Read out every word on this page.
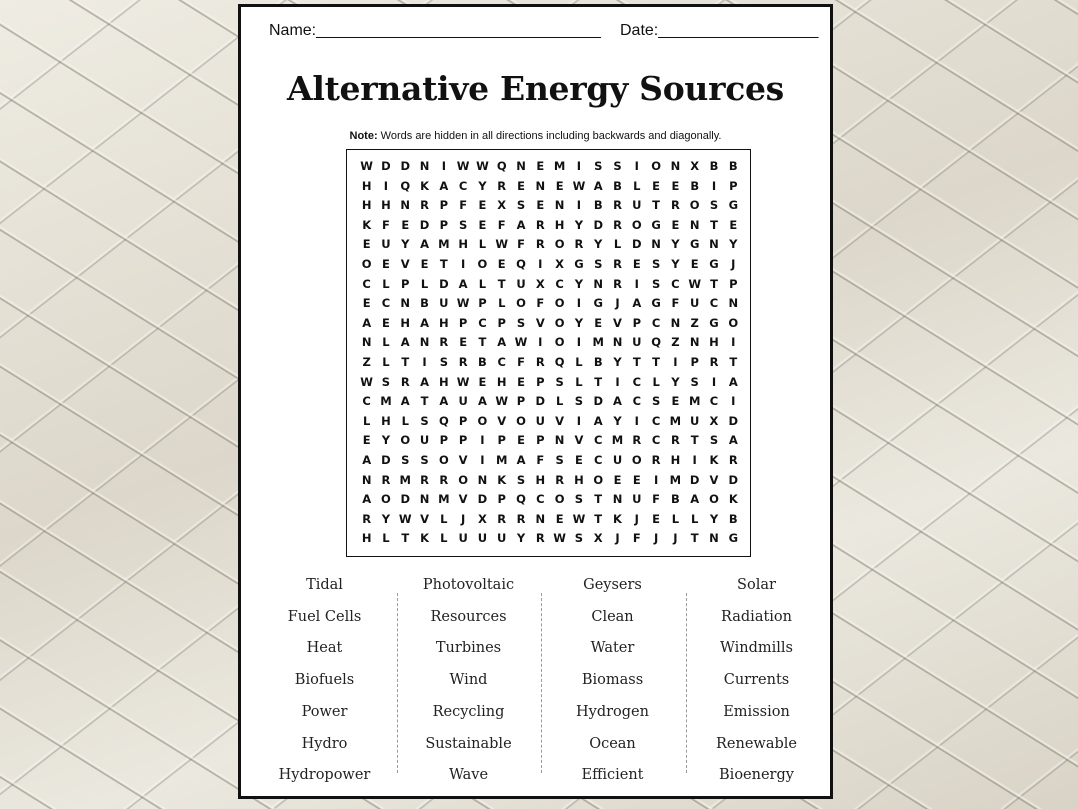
Name:________________________________ Date:__________________
Alternative Energy Sources
Note: Words are hidden in all directions including backwards and diagonally.
W D D N	I W W Q N E M I	S S	I	O N X B B
H	I	Q K A C Y R E N E W A B L	E E B	I	P
H H N R P F E X S E N	I	B R U T R O S G
K F E D P S E F A R H Y D R O G E N T E
E U Y A M H L W F R O R Y L D N Y G N Y
O E V E T	I	O E Q	I	X G S R E S Y E G	J
C L P L D A L	T U X C Y N R	I	S C W T P
E C N B U W P L O F O	I	G	J	A G F U C N
A E H A H P C P S V O Y E V P C N Z G O
N L A N R E T A W I	O	I M N U Q Z N H	I
Z L	T	I	S R B C F R Q L B Y T T	I	P R T
W S R A H W E H E P S L	T	I	C L Y S	I	A
C M A T A U A W P D L S D A C S E M C	I
L H L S Q P O V O U V	I	A Y	I	C M U X D
E Y O U P P	I	P E P N V C M R C R T S A
A D S S O V	I M A F S E C U O R H	I	K R
N R M R R O N K S H R H O E E	I M D V D
A O D N M V D P Q C O S T N U F B A O K
R Y W V L	J	X R R N E W T K	J	E	L	L Y B
H L	T K L U U U Y R W S X	J	F	J	J	T N G
Tidal
Fuel Cells
Heat
Biofuels
Power
Hydro
Hydropower
Photovoltaic
Resources
Turbines
Wind
Recycling
Sustainable
Wave
Geysers
Clean
Water
Biomass
Hydrogen
Ocean
Efficient
Solar
Radiation
Windmills
Currents
Emission
Renewable
Bioenergy
